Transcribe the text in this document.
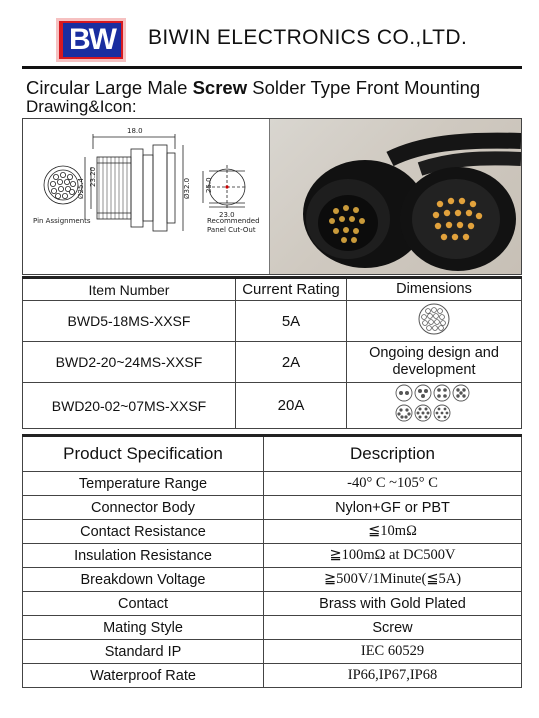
BW BIWIN ELECTRONICS CO.,LTD.
Circular Large Male Screw Solder Type Front Mounting
Drawing&Icon:
18.0
Ø25.4
23.20
Ø32.0 25.0
23.0
Pin Assignments	Recommended
Panel Cut-Out
Item Number	Current Rating	Dimensions
BWD5-18MS-XXSF	5A	
BWD2-20~24MS-XXSF	2A	Ongoing design and development
BWD20-02~07MS-XXSF	20A	
Product Specification	Description
Temperature Range	-40° C ~105° C
Connector Body	Nylon+GF or PBT
Contact Resistance	≦10mΩ
Insulation Resistance	≧100mΩ at DC500V
Breakdown Voltage	≧500V/1Minute(≦5A)
Contact	Brass with Gold Plated
Mating Style	Screw
Standard IP	IEC 60529
Waterproof Rate	IP66,IP67,IP68
